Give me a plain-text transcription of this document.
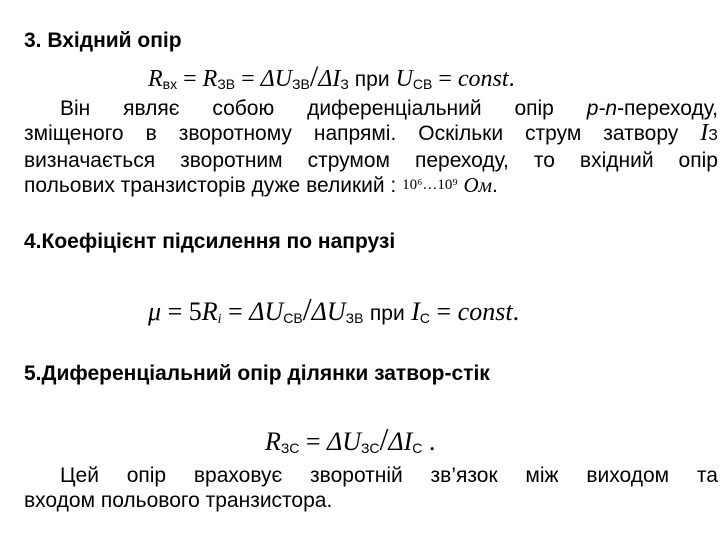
3. Вхідний опір
$R_{вх} = R_{ЗВ} = \Delta U_{ЗВ}/\Delta I_З$ при $U_{СВ}$ = const.
Він являє собою диференціальний опір p-n-переходу,
зміщеного в зворотному напрямі. Оскільки струм затвору IЗ
визначається зворотним струмом переходу, то вхідний опір
польових транзисторів дуже великий :
10⁶…10⁹
Ом .
4.Коефіцієнт підсилення по напрузі
$\mu = 5R_i = \Delta U_{СВ}/\Delta U_{ЗВ}$ при $I_С$ = const.
5.Диференціальний опір ділянки затвор-стік
$R_{ЗС} = \Delta U_{ЗС}/\Delta I_С$ .
Цей опір враховує зворотній зв’язок між виходом та
входом польового транзистора.
